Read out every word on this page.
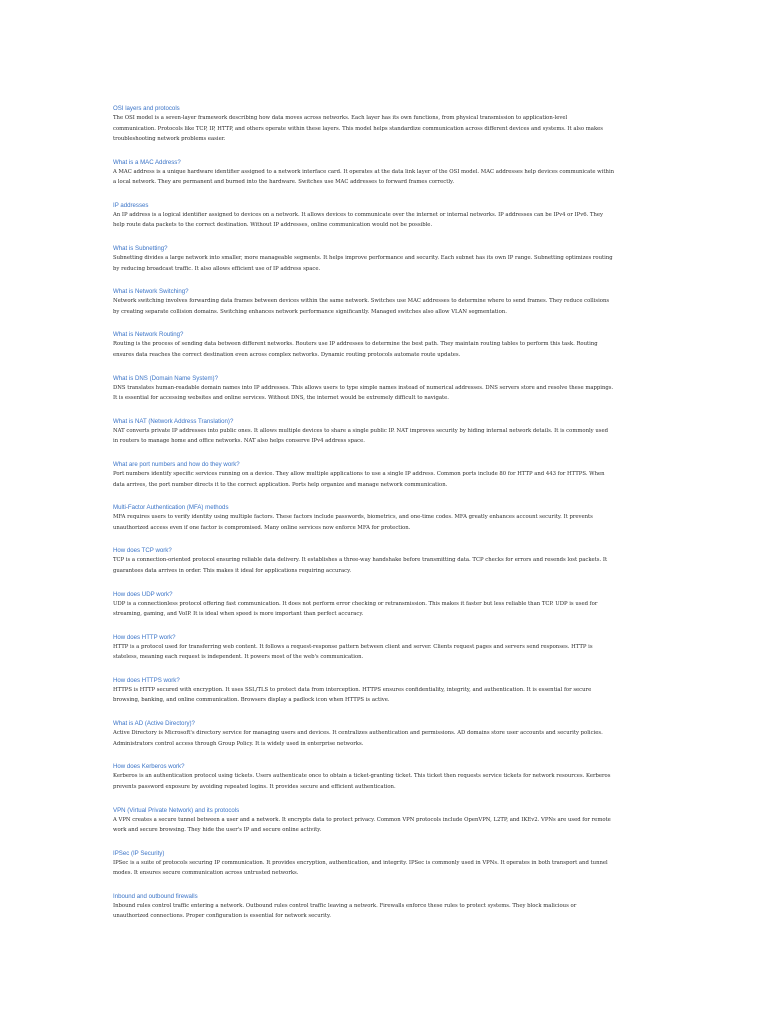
OSI layers and protocols
The OSI model is a seven-layer framework describing how data moves across networks. Each layer has its own functions, from physical transmission to application-level
communication. Protocols like TCP, IP, HTTP, and others operate within these layers. This model helps standardize communication across different devices and systems. It also makes
troubleshooting network problems easier.
What is a MAC Address?
A MAC address is a unique hardware identifier assigned to a network interface card. It operates at the data link layer of the OSI model. MAC addresses help devices communicate within
a local network. They are permanent and burned into the hardware. Switches use MAC addresses to forward frames correctly.
IP addresses
An IP address is a logical identifier assigned to devices on a network. It allows devices to communicate over the internet or internal networks. IP addresses can be IPv4 or IPv6. They
help route data packets to the correct destination. Without IP addresses, online communication would not be possible.
What is Subnetting?
Subnetting divides a large network into smaller, more manageable segments. It helps improve performance and security. Each subnet has its own IP range. Subnetting optimizes routing
by reducing broadcast traffic. It also allows efficient use of IP address space.
What is Network Switching?
Network switching involves forwarding data frames between devices within the same network. Switches use MAC addresses to determine where to send frames. They reduce collisions
by creating separate collision domains. Switching enhances network performance significantly. Managed switches also allow VLAN segmentation.
What is Network Routing?
Routing is the process of sending data between different networks. Routers use IP addresses to determine the best path. They maintain routing tables to perform this task. Routing
ensures data reaches the correct destination even across complex networks. Dynamic routing protocols automate route updates.
What is DNS (Domain Name System)?
DNS translates human-readable domain names into IP addresses. This allows users to type simple names instead of numerical addresses. DNS servers store and resolve these mappings.
It is essential for accessing websites and online services. Without DNS, the internet would be extremely difficult to navigate.
What is NAT (Network Address Translation)?
NAT converts private IP addresses into public ones. It allows multiple devices to share a single public IP. NAT improves security by hiding internal network details. It is commonly used
in routers to manage home and office networks. NAT also helps conserve IPv4 address space.
What are port numbers and how do they work?
Port numbers identify specific services running on a device. They allow multiple applications to use a single IP address. Common ports include 80 for HTTP and 443 for HTTPS. When
data arrives, the port number directs it to the correct application. Ports help organize and manage network communication.
Multi-Factor Authentication (MFA) methods
MFA requires users to verify identity using multiple factors. These factors include passwords, biometrics, and one-time codes. MFA greatly enhances account security. It prevents
unauthorized access even if one factor is compromised. Many online services now enforce MFA for protection.
How does TCP work?
TCP is a connection-oriented protocol ensuring reliable data delivery. It establishes a three-way handshake before transmitting data. TCP checks for errors and resends lost packets. It
guarantees data arrives in order. This makes it ideal for applications requiring accuracy.
How does UDP work?
UDP is a connectionless protocol offering fast communication. It does not perform error checking or retransmission. This makes it faster but less reliable than TCP. UDP is used for
streaming, gaming, and VoIP. It is ideal when speed is more important than perfect accuracy.
How does HTTP work?
HTTP is a protocol used for transferring web content. It follows a request-response pattern between client and server. Clients request pages and servers send responses. HTTP is
stateless, meaning each request is independent. It powers most of the web's communication.
How does HTTPS work?
HTTPS is HTTP secured with encryption. It uses SSL/TLS to protect data from interception. HTTPS ensures confidentiality, integrity, and authentication. It is essential for secure
browsing, banking, and online communication. Browsers display a padlock icon when HTTPS is active.
What is AD (Active Directory)?
Active Directory is Microsoft's directory service for managing users and devices. It centralizes authentication and permissions. AD domains store user accounts and security policies.
Administrators control access through Group Policy. It is widely used in enterprise networks.
How does Kerberos work?
Kerberos is an authentication protocol using tickets. Users authenticate once to obtain a ticket-granting ticket. This ticket then requests service tickets for network resources. Kerberos
prevents password exposure by avoiding repeated logins. It provides secure and efficient authentication.
VPN (Virtual Private Network) and its protocols
A VPN creates a secure tunnel between a user and a network. It encrypts data to protect privacy. Common VPN protocols include OpenVPN, L2TP, and IKEv2. VPNs are used for remote
work and secure browsing. They hide the user's IP and secure online activity.
IPSec (IP Security)
IPSec is a suite of protocols securing IP communication. It provides encryption, authentication, and integrity. IPSec is commonly used in VPNs. It operates in both transport and tunnel
modes. It ensures secure communication across untrusted networks.
Inbound and outbound firewalls
Inbound rules control traffic entering a network. Outbound rules control traffic leaving a network. Firewalls enforce these rules to protect systems. They block malicious or
unauthorized connections. Proper configuration is essential for network security.
